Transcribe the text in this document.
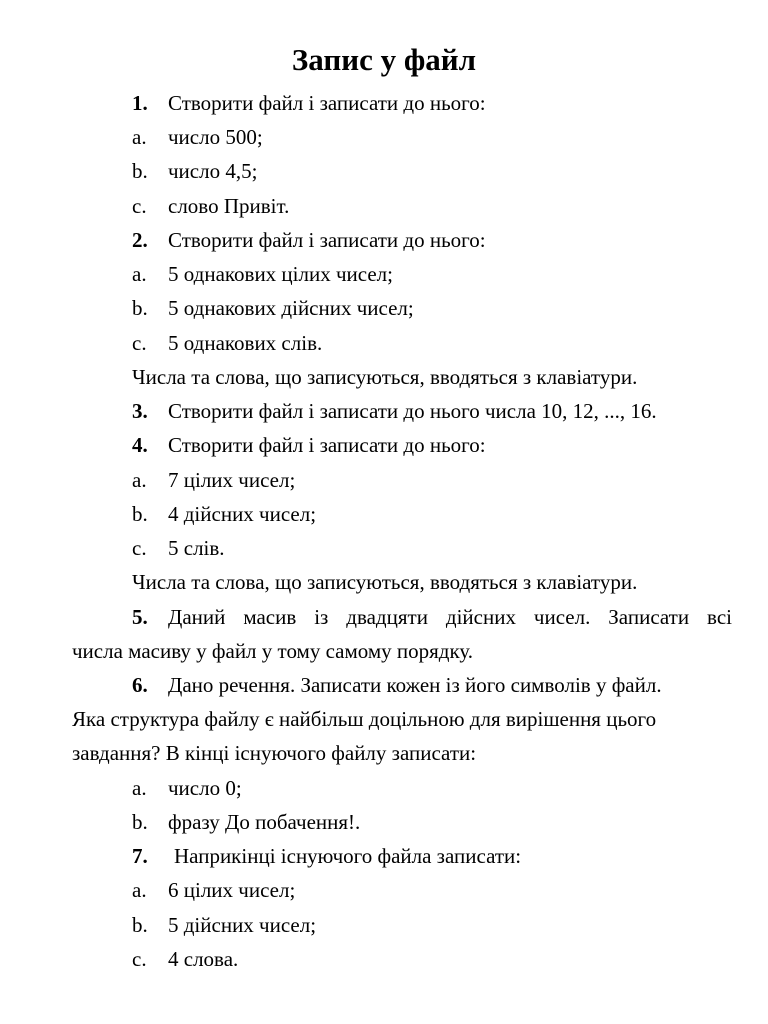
Запис у файл
1. Створити файл і записати до нього:
a. число 500;
b. число 4,5;
c. слово Привіт.
2. Створити файл і записати до нього:
a. 5 однакових цілих чисел;
b. 5 однакових дійсних чисел;
c. 5 однакових слів.
Числа та слова, що записуються, вводяться з клавіатури.
3. Створити файл і записати до нього числа 10, 12, ..., 16.
4. Створити файл і записати до нього:
a. 7 цілих чисел;
b. 4 дійсних чисел;
c. 5 слів.
Числа та слова, що записуються, вводяться з клавіатури.
5. Даний масив із двадцяти дійсних чисел. Записати всі
числа масиву у файл у тому самому порядку.
6. Дано речення. Записати кожен із його символів у файл.
Яка структура файлу є найбільш доцільною для вирішення цього
завдання? В кінці існуючого файлу записати:
a. число 0;
b. фразу До побачення!.
7. Наприкінці існуючого файла записати:
a. 6 цілих чисел;
b. 5 дійсних чисел;
c. 4 слова.
